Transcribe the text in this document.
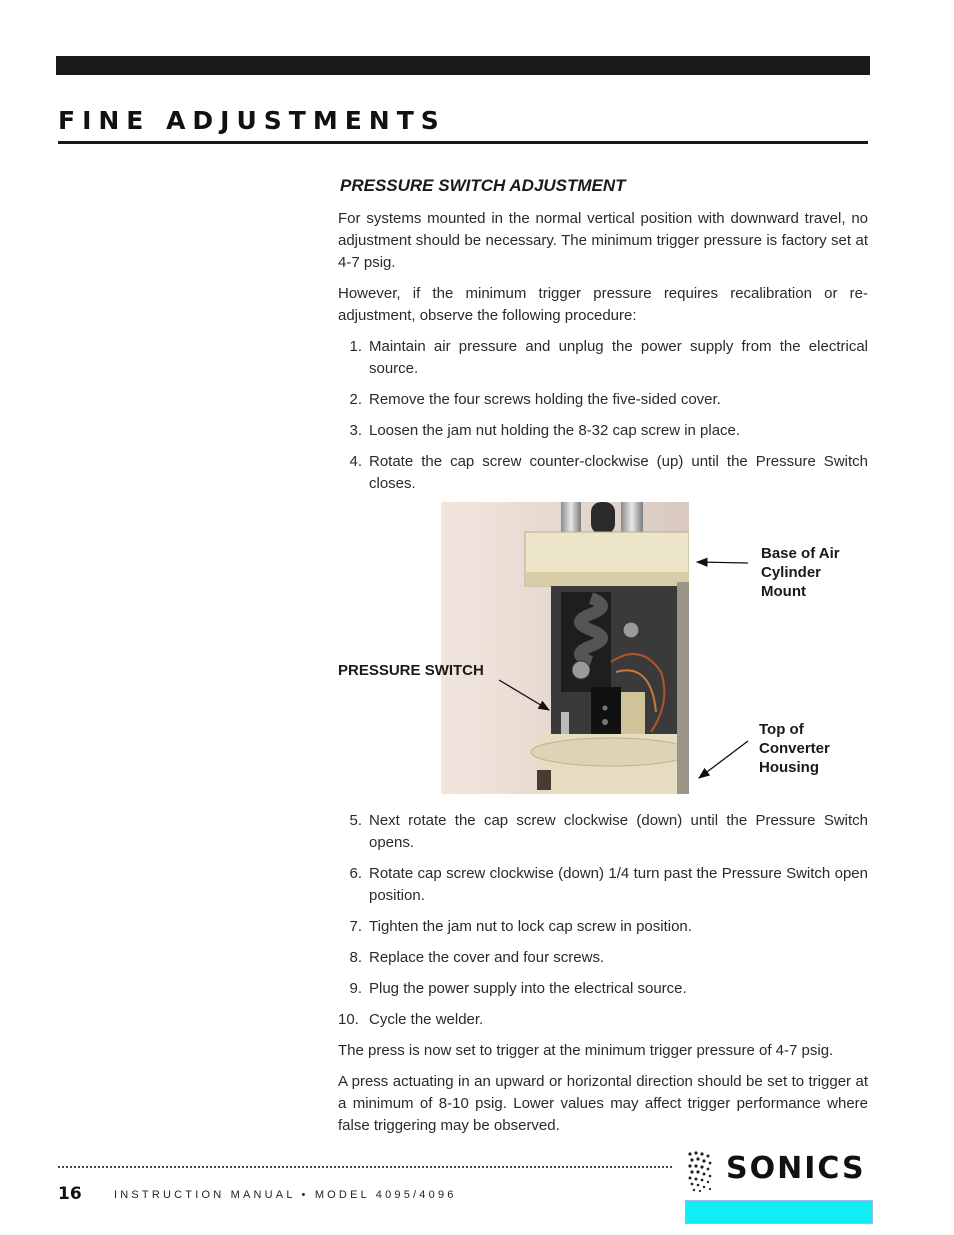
FINE ADJUSTMENTS
PRESSURE SWITCH ADJUSTMENT

For systems mounted in the normal vertical position with downward travel, no adjustment should be necessary. The minimum trigger pressure is factory set at 4-7 psig.

However, if the minimum trigger pressure requires recalibration or re-adjustment, observe the following procedure:

1. Maintain air pressure and unplug the power supply from the electrical source.
2. Remove the four screws holding the five-sided cover.
3. Loosen the jam nut holding the 8-32 cap screw in place.
4. Rotate the cap screw counter-clockwise (up) until the Pressure Switch closes.
Base of Air
Cylinder
Mount
PRESSURE SWITCH
Top of
Converter
Housing
5. Next rotate the cap screw clockwise (down) until the Pressure Switch opens.
6. Rotate cap screw clockwise (down) 1/4 turn past the Pressure Switch open position.
7. Tighten the jam nut to lock cap screw in position.
8. Replace the cover and four screws.
9. Plug the power supply into the electrical source.
10. Cycle the welder.

The press is now set to trigger at the minimum trigger pressure of 4-7 psig.

A press actuating in an upward or horizontal direction should be set to trigger at a minimum of 8-10 psig. Lower values may affect trigger performance where false triggering may be observed.

16	INSTRUCTION MANUAL • MODEL 4095/4096
SONICS
